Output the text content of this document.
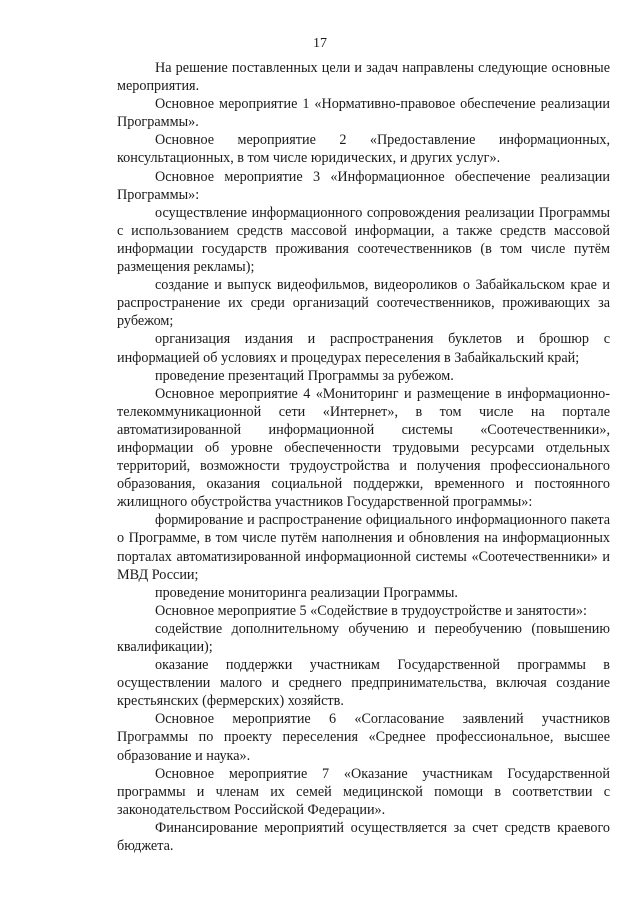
17

На решение поставленных цели и задач направлены следующие основные мероприятия.

Основное мероприятие 1 «Нормативно-правовое обеспечение реализации Программы».

Основное мероприятие 2 «Предоставление информационных, консультационных, в том числе юридических, и других услуг».

Основное мероприятие 3 «Информационное обеспечение реализации Программы»:

осуществление информационного сопровождения реализации Программы с использованием средств массовой информации, а также средств массовой информации государств проживания соотечественников (в том числе путём размещения рекламы);

создание и выпуск видеофильмов, видеороликов о Забайкальском крае и распространение их среди организаций соотечественников, проживающих за рубежом;

организация издания и распространения буклетов и брошюр с информацией об условиях и процедурах переселения в Забайкальский край;

проведение презентаций Программы за рубежом.

Основное мероприятие 4 «Мониторинг и размещение в информационно-телекоммуникационной сети «Интернет», в том числе на портале автоматизированной информационной системы «Соотечественники», информации об уровне обеспеченности трудовыми ресурсами отдельных территорий, возможности трудоустройства и получения профессионального образования, оказания социальной поддержки, временного и постоянного жилищного обустройства участников Государственной программы»:

формирование и распространение официального информационного пакета о Программе, в том числе путём наполнения и обновления на информационных порталах автоматизированной информационной системы «Соотечественники» и МВД России;

проведение мониторинга реализации Программы.

Основное мероприятие 5 «Содействие в трудоустройстве и занятости»:

содействие дополнительному обучению и переобучению (повышению квалификации);

оказание поддержки участникам Государственной программы в осуществлении малого и среднего предпринимательства, включая создание крестьянских (фермерских) хозяйств.

Основное мероприятие 6 «Согласование заявлений участников Программы по проекту переселения «Среднее профессиональное, высшее образование и наука».

Основное мероприятие 7 «Оказание участникам Государственной программы и членам их семей медицинской помощи в соответствии с законодательством Российской Федерации».

Финансирование мероприятий осуществляется за счет средств краевого бюджета.
